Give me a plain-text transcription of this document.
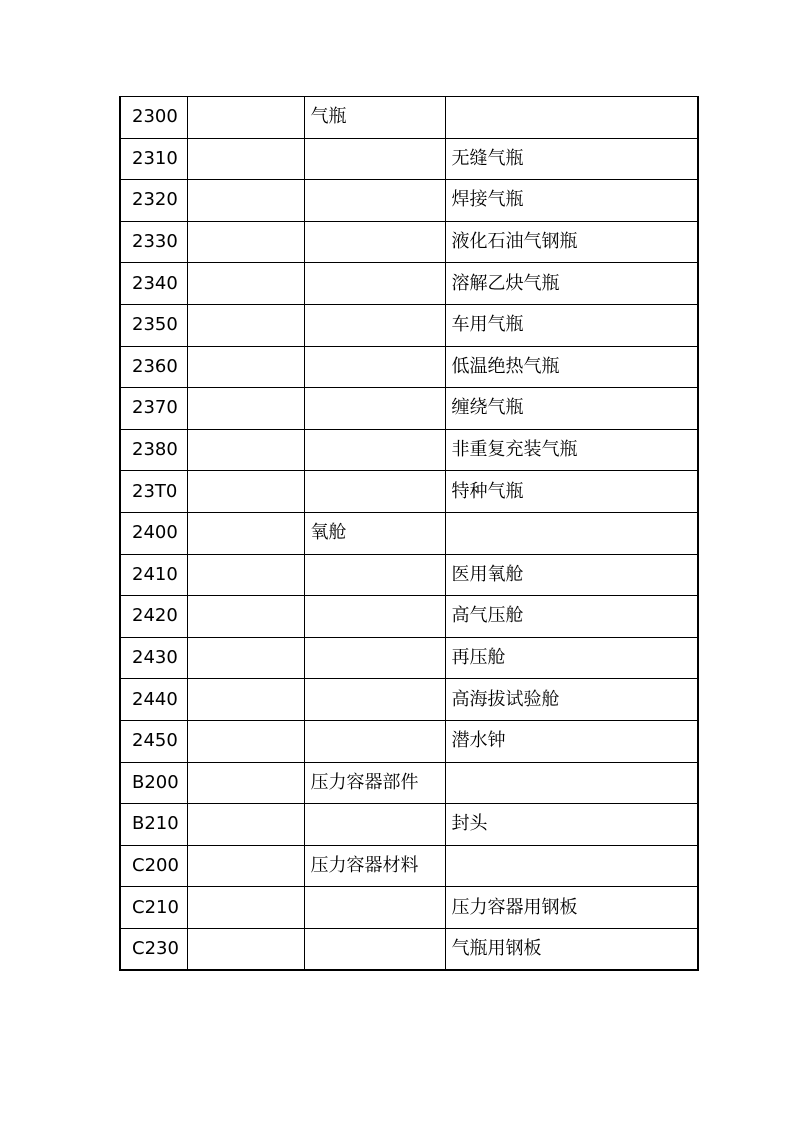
2300		气瓶	
2310			无缝气瓶
2320			焊接气瓶
2330			液化石油气钢瓶
2340			溶解乙炔气瓶
2350			车用气瓶
2360			低温绝热气瓶
2370			缠绕气瓶
2380			非重复充装气瓶
23T0			特种气瓶
2400		氧舱	
2410			医用氧舱
2420			高气压舱
2430			再压舱
2440			高海拔试验舱
2450			潜水钟
B200		压力容器部件	
B210			封头
C200		压力容器材料	
C210			压力容器用钢板
C230			气瓶用钢板
